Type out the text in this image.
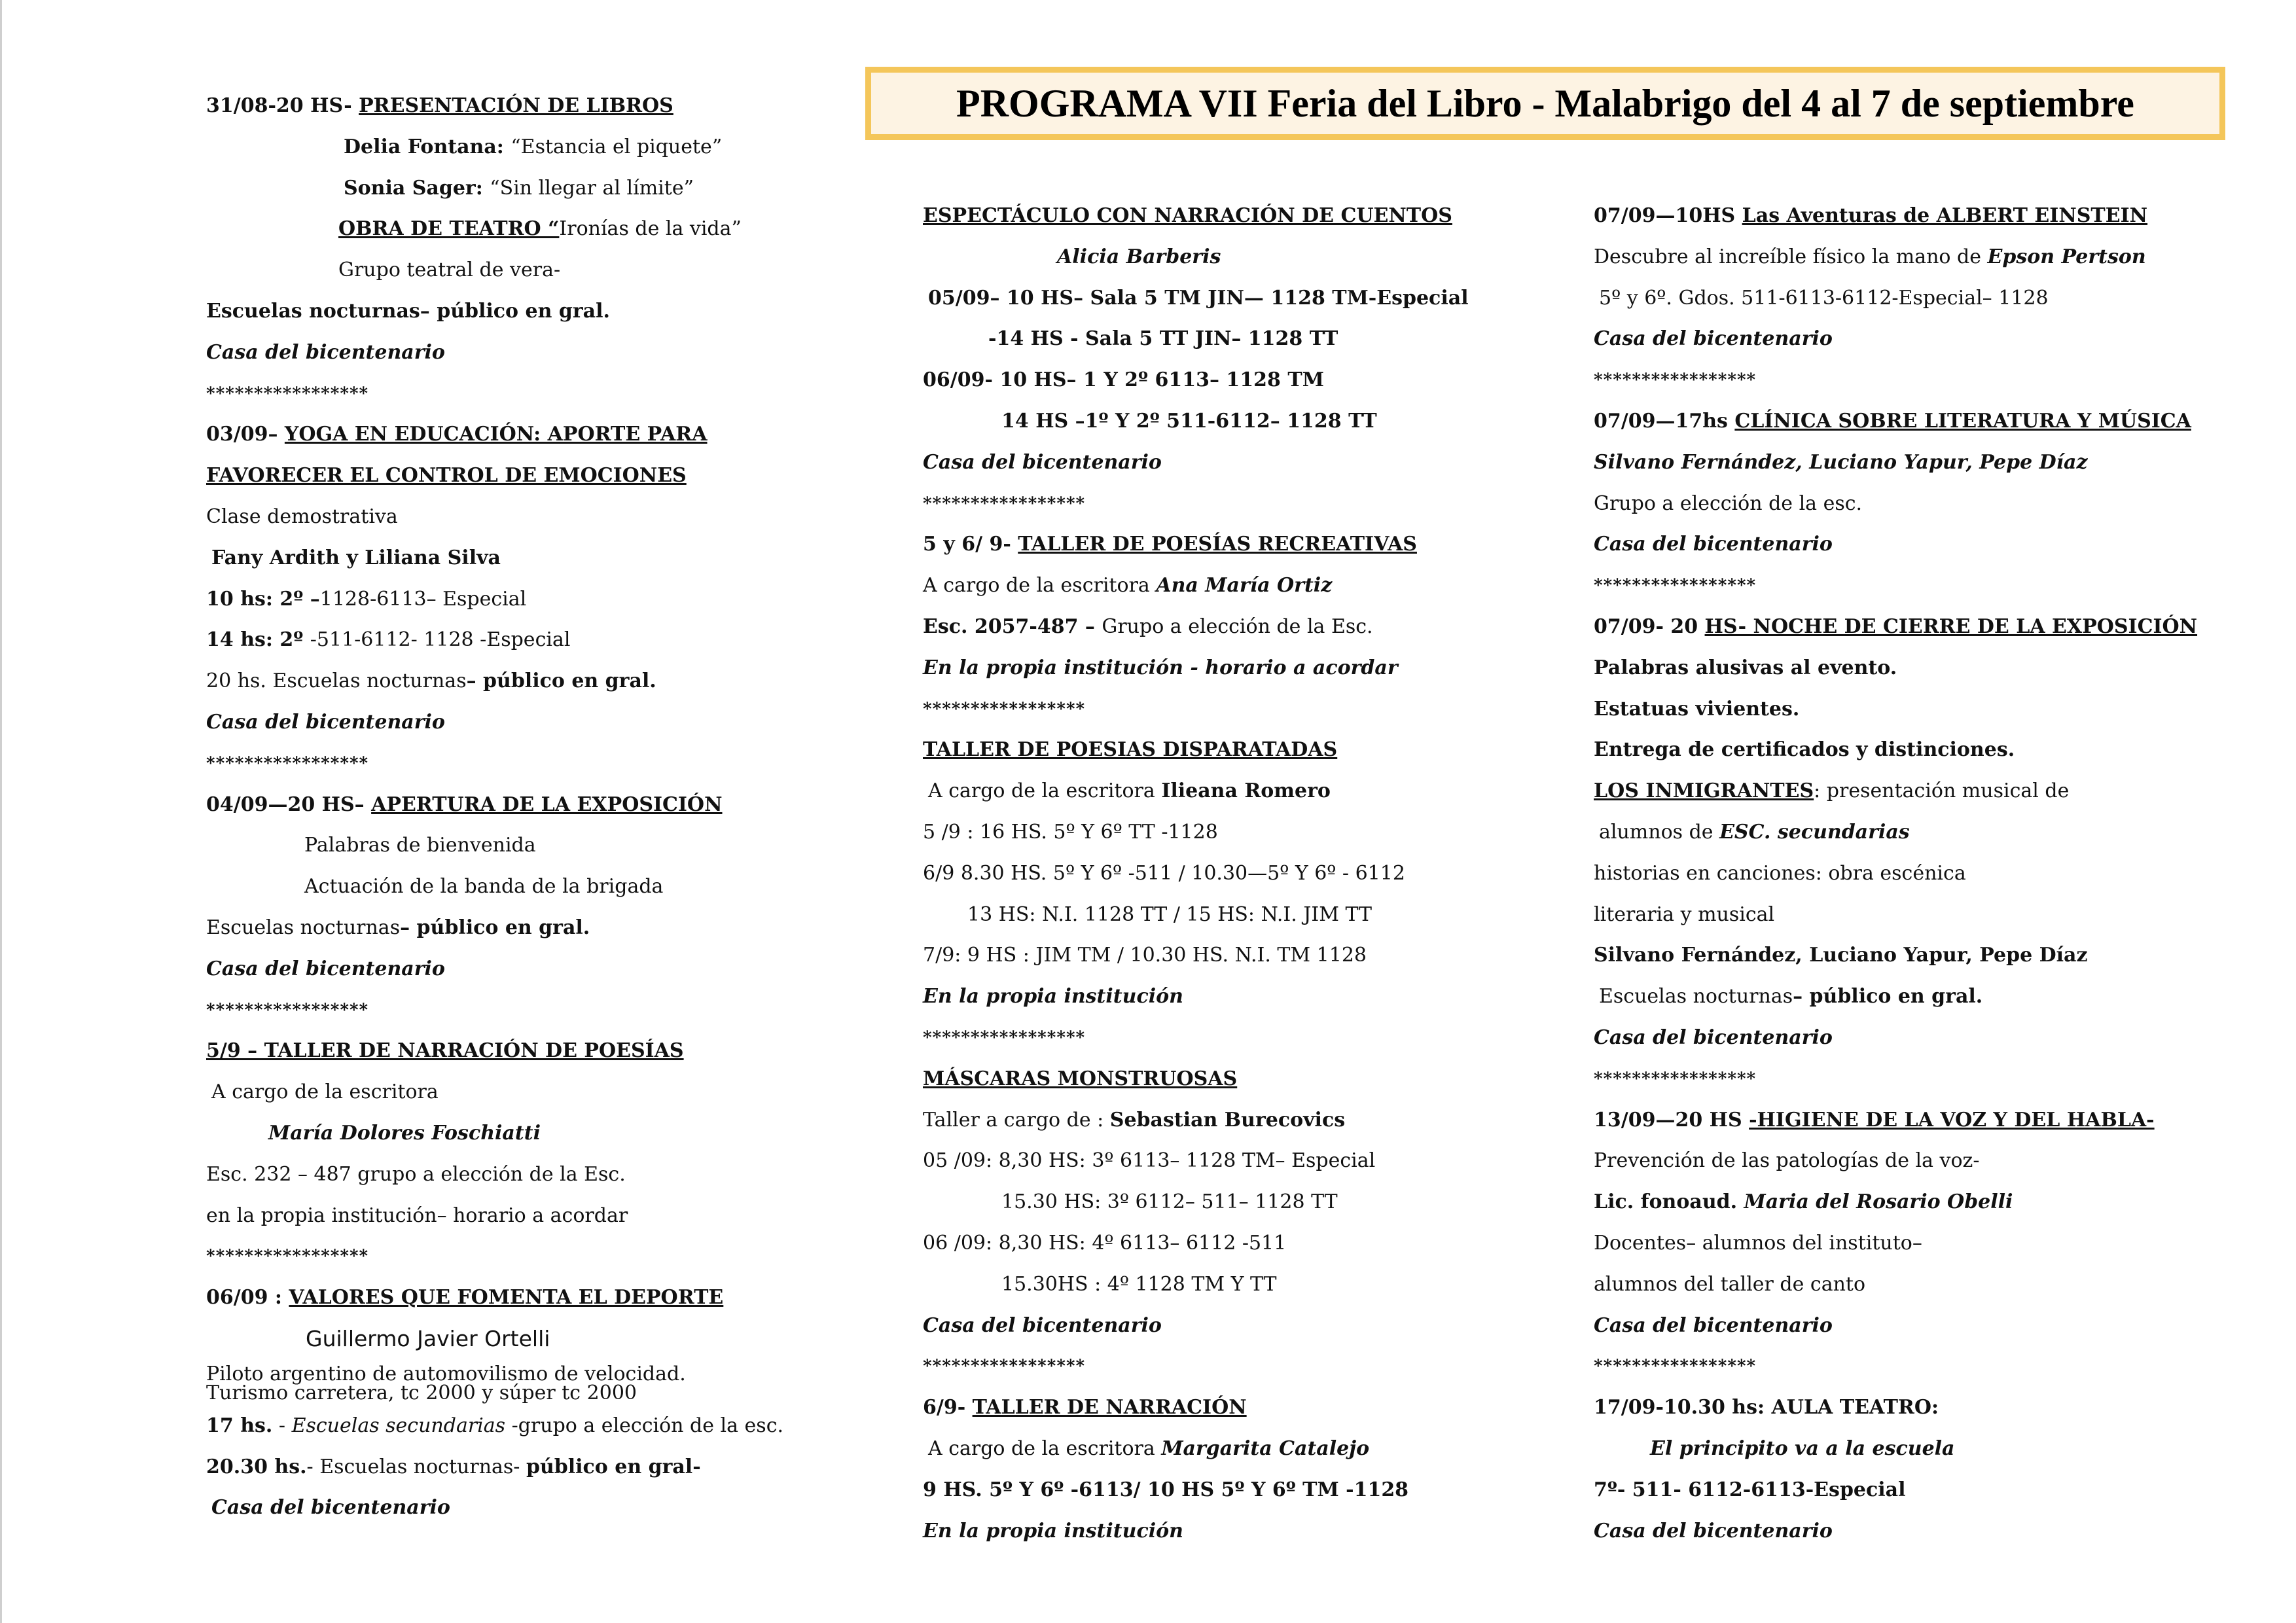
PROGRAMA VII Feria del Libro - Malabrigo del 4 al 7 de septiembre
31/08-20 HS- PRESENTACIÓN DE LIBROS
Delia Fontana: “Estancia el piquete”
Sonia Sager: “Sin llegar al límite”
OBRA DE TEATRO “Ironías de la vida”
Grupo teatral de vera-
Escuelas nocturnas– público en gral.
Casa del bicentenario
*****************
03/09– YOGA EN EDUCACIÓN: APORTE PARA
FAVORECER EL CONTROL DE EMOCIONES
Clase demostrativa
Fany Ardith y Liliana Silva
10 hs: 2º –1128-6113– Especial
14 hs: 2º -511-6112- 1128 -Especial
20 hs. Escuelas nocturnas– público en gral.
Casa del bicentenario
*****************
04/09—20 HS– APERTURA DE LA EXPOSICIÓN
Palabras de bienvenida
Actuación de la banda de la brigada
Escuelas nocturnas– público en gral.
Casa del bicentenario
*****************
5/9 – TALLER DE NARRACIÓN DE POESÍAS
A cargo de la escritora
María Dolores Foschiatti
Esc. 232 – 487 grupo a elección de la Esc.
en la propia institución– horario a acordar
*****************
06/09 : VALORES QUE FOMENTA EL DEPORTE
Guillermo Javier Ortelli
Piloto argentino de automovilismo de velocidad. Turismo carretera, tc 2000 y súper tc 2000
17 hs. - Escuelas secundarias -grupo a elección de la esc.
20.30 hs.- Escuelas nocturnas- público en gral-
Casa del bicentenario
ESPECTÁCULO CON NARRACIÓN DE CUENTOS
Alicia Barberis
05/09– 10 HS– Sala 5 TM JIN— 1128 TM-Especial
-14 HS - Sala 5 TT JIN– 1128 TT
06/09- 10 HS– 1 Y 2º 6113– 1128 TM
14 HS –1º Y 2º 511-6112– 1128 TT
Casa del bicentenario
*****************
5 y 6/ 9- TALLER DE POESÍAS RECREATIVAS
A cargo de la escritora Ana María Ortiz
Esc. 2057-487 – Grupo a elección de la Esc.
En la propia institución - horario a acordar
*****************
TALLER DE POESIAS DISPARATADAS
A cargo de la escritora Ilieana Romero
5 /9 : 16 HS. 5º Y 6º TT -1128
6/9 8.30 HS. 5º Y 6º -511 / 10.30—5º Y 6º - 6112
13 HS: N.I. 1128 TT / 15 HS: N.I. JIM TT
7/9: 9 HS : JIM TM / 10.30 HS. N.I. TM 1128
En la propia institución
*****************
MÁSCARAS MONSTRUOSAS
Taller a cargo de : Sebastian Burecovics
05 /09: 8,30 HS: 3º 6113– 1128 TM– Especial
15.30 HS: 3º 6112– 511– 1128 TT
06 /09: 8,30 HS: 4º 6113– 6112 -511
15.30HS : 4º 1128 TM Y TT
Casa del bicentenario
*****************
6/9- TALLER DE NARRACIÓN
A cargo de la escritora Margarita Catalejo
9 HS. 5º Y 6º -6113/ 10 HS 5º Y 6º TM -1128
En la propia institución
07/09—10HS Las Aventuras de ALBERT EINSTEIN
Descubre al increíble físico la mano de Epson Pertson
5º y 6º. Gdos. 511-6113-6112-Especial– 1128
Casa del bicentenario
*****************
07/09—17hs CLÍNICA SOBRE LITERATURA Y MÚSICA
Silvano Fernández, Luciano Yapur, Pepe Díaz
Grupo a elección de la esc.
Casa del bicentenario
*****************
07/09- 20 HS- NOCHE DE CIERRE DE LA EXPOSICIÓN
Palabras alusivas al evento.
Estatuas vivientes.
Entrega de certificados y distinciones.
LOS INMIGRANTES: presentación musical de
alumnos de ESC. secundarias
historias en canciones: obra escénica
literaria y musical
Silvano Fernández, Luciano Yapur, Pepe Díaz
Escuelas nocturnas– público en gral.
Casa del bicentenario
*****************
13/09—20 HS -HIGIENE DE LA VOZ Y DEL HABLA-
Prevención de las patologías de la voz-
Lic. fonoaud. Maria del Rosario Obelli
Docentes– alumnos del instituto–
alumnos del taller de canto
Casa del bicentenario
*****************
17/09-10.30 hs: AULA TEATRO:
El principito va a la escuela
7º- 511- 6112-6113-Especial
Casa del bicentenario
